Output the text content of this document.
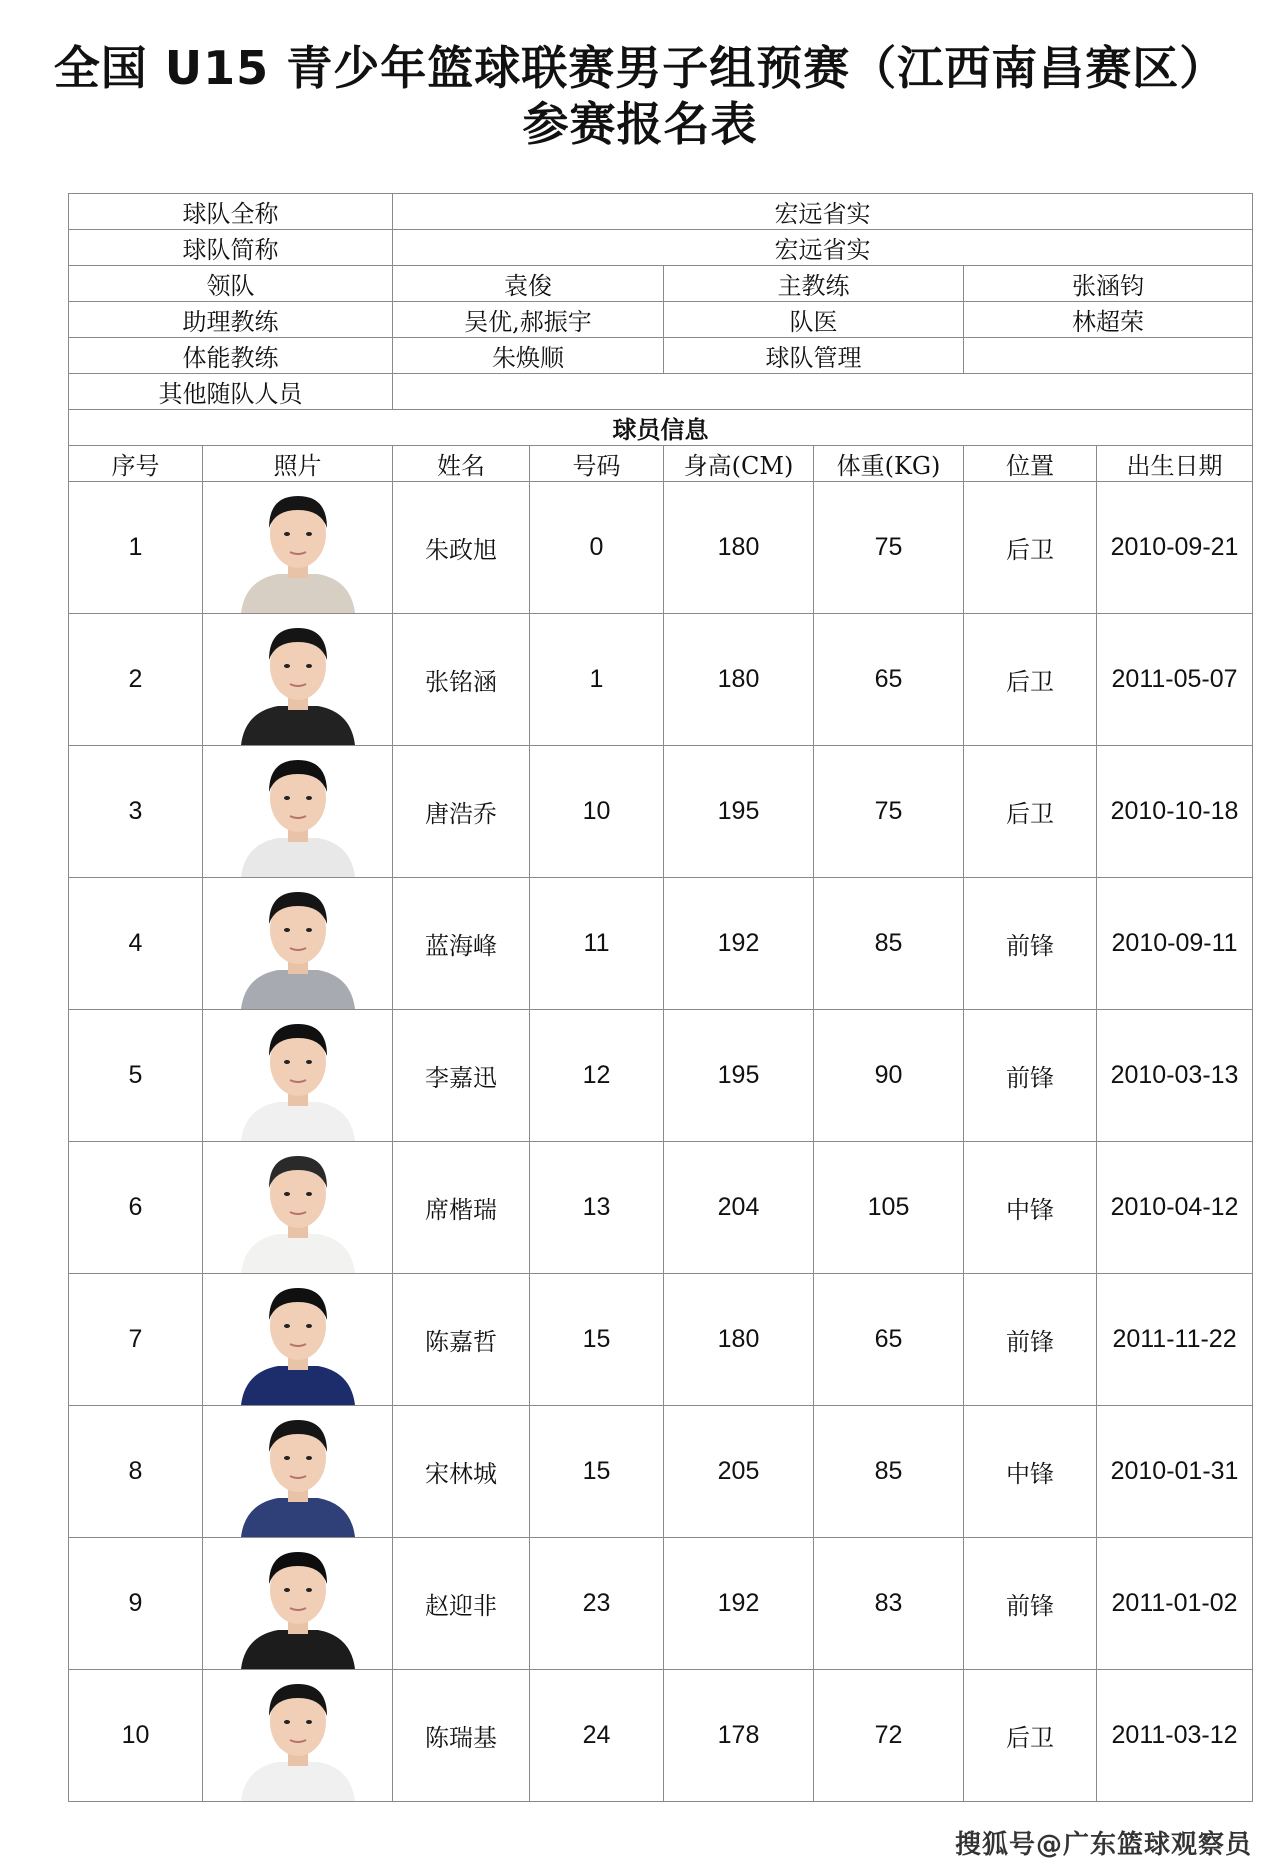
全国 U15 青少年篮球联赛男子组预赛（江西南昌赛区）
参赛报名表
球队全称		宏远省实					
球队简称		宏远省实					
领队		袁俊		主教练		张涵钧	
助理教练		吴优,郝振宇		队医		林超荣	
体能教练		朱焕顺		球队管理			
其他随队人员							
球员信息							
序号	照片	姓名	号码	身高(CM)	体重(KG)	位置	出生日期
1		朱政旭	0	180	75	后卫	2010-09-21
2		张铭涵	1	180	65	后卫	2011-05-07
3		唐浩乔	10	195	75	后卫	2010-10-18
4		蓝海峰	11	192	85	前锋	2010-09-11
5		李嘉迅	12	195	90	前锋	2010-03-13
6		席楷瑞	13	204	105	中锋	2010-04-12
7		陈嘉哲	15	180	65	前锋	2011-11-22
8		宋林城	15	205	85	中锋	2010-01-31
9		赵迎非	23	192	83	前锋	2011-01-02
10		陈瑞基	24	178	72	后卫	2011-03-12
搜狐号@广东篮球观察员
